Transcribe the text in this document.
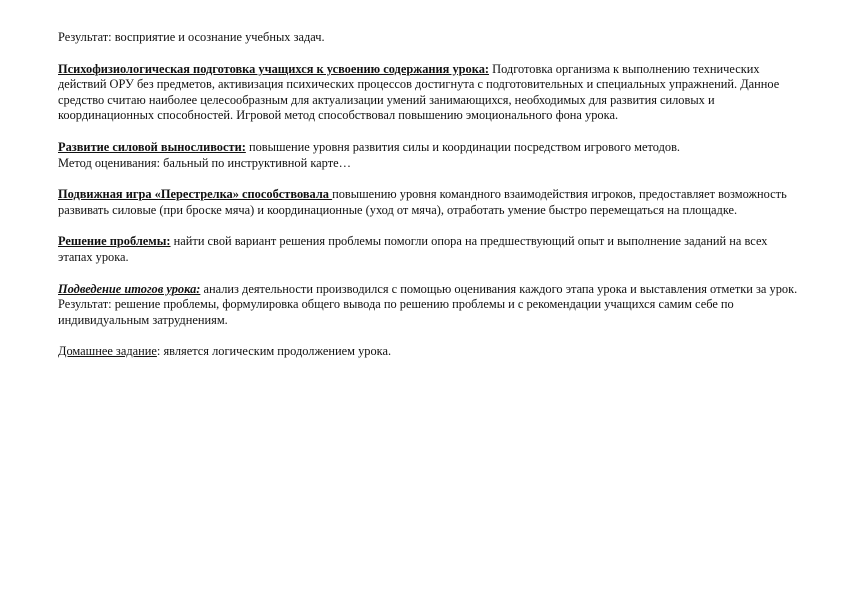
Результат: восприятие и осознание учебных задач.

Психофизиологическая подготовка учащихся к усвоению содержания урока: Подготовка организма к выполнению технических действий ОРУ без предметов, активизация психических процессов достигнута с подготовительных и специальных упражнений. Данное средство считаю наиболее целесообразным для актуализации умений занимающихся, необходимых для развития силовых и координационных способностей. Игровой метод способствовал повышению эмоционального фона урока.

Развитие силовой выносливости: повышение уровня развития силы и координации посредством игрового методов.
Метод оценивания: бальный по инструктивной карте…

Подвижная игра «Перестрелка» способствовала повышению уровня командного взаимодействия игроков, предоставляет возможность развивать силовые (при броске мяча) и координационные (уход от мяча), отработать умение быстро перемещаться на площадке.

Решение проблемы: найти свой вариант решения проблемы помогли опора на предшествующий опыт и выполнение заданий на всех этапах урока.

Подведение итогов урока: анализ деятельности производился с помощью оценивания каждого этапа урока и выставления отметки за урок.
Результат: решение проблемы, формулировка общего вывода по решению проблемы и с рекомендации учащихся самим себе по индивидуальным затруднениям.

Домашнее задание: является логическим продолжением урока.
